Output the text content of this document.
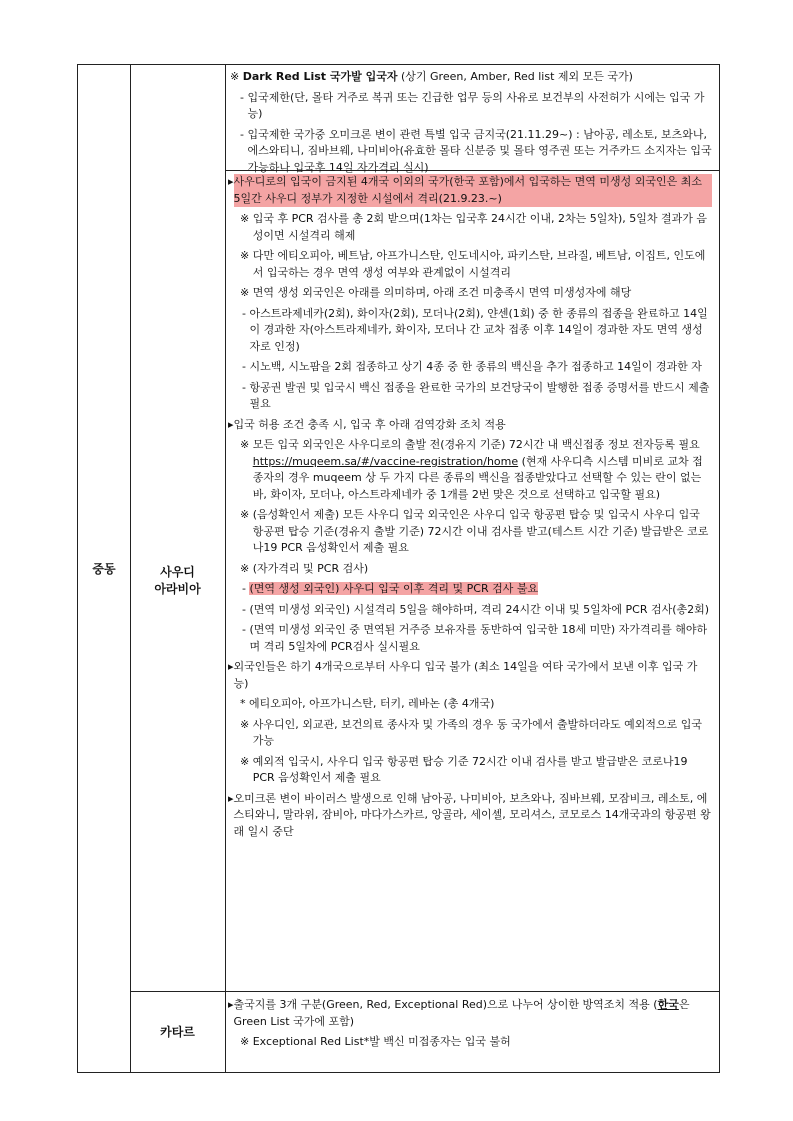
중동	사우디 아라비아
카타르
※ Dark Red List 국가발 입국자 (상기 Green, Amber, Red list 제외 모든 국가)
- 입국제한(단, 몰타 거주로 복귀 또는 긴급한 업무 등의 사유로 보건부의 사전허가 시에는 입국 가능)
- 입국제한 국가중 오미크론 변이 관련 특별 입국 금지국(21.11.29~) : 남아공, 레소토, 보츠와나, 에스와티니, 짐바브웨, 나미비아(유효한 몰타 신분증 및 몰타 영주권 또는 거주카드 소지자는 입국가능하나 입국후 14일 자가격리 실시)
▸ 사우디로의 입국이 금지된 4개국 이외의 국가(한국 포함)에서 입국하는 면역 미생성 외국인은 최소 5일간 사우디 정부가 지정한 시설에서 격리(21.9.23.~)
※ 입국 후 PCR 검사를 총 2회 받으며(1차는 입국후 24시간 이내, 2차는 5일차), 5일차 결과가 음성이면 시설격리 해제
※ 다만 에티오피아, 베트남, 아프가니스탄, 인도네시아, 파키스탄, 브라질, 베트남, 이집트, 인도에서 입국하는 경우 면역 생성 여부와 관계없이 시설격리
※ 면역 생성 외국인은 아래를 의미하며, 아래 조건 미충족시 면역 미생성자에 해당
- 아스트라제네카(2회), 화이자(2회), 모더나(2회), 얀센(1회) 중 한 종류의 접종을 완료하고 14일이 경과한 자(아스트라제네카, 화이자, 모더나 간 교차 접종 이후 14일이 경과한 자도 면역 생성자로 인정)
- 시노백, 시노팜을 2회 접종하고 상기 4종 중 한 종류의 백신을 추가 접종하고 14일이 경과한 자
- 항공권 발권 및 입국시 백신 접종을 완료한 국가의 보건당국이 발행한 접종 증명서를 반드시 제출 필요
▸ 입국 허용 조건 충족 시, 입국 후 아래 검역강화 조치 적용
※ 모든 입국 외국인은 사우디로의 출발 전(경유지 기준) 72시간 내 백신접종 정보 전자등록 필요 https://muqeem.sa/#/vaccine-registration/home (현재 사우디측 시스템 미비로 교차 접종자의 경우 muqeem 상 두 가지 다른 종류의 백신을 접종받았다고 선택할 수 있는 란이 없는 바, 화이자, 모더나, 아스트라제네카 중 1개를 2번 맞은 것으로 선택하고 입국할 필요)
※ (음성확인서 제출) 모든 사우디 입국 외국인은 사우디 입국 항공편 탑승 및 입국시 사우디 입국 항공편 탑승 기준(경유지 출발 기준) 72시간 이내 검사를 받고(테스트 시간 기준) 발급받은 코로나19 PCR 음성확인서 제출 필요
※ (자가격리 및 PCR 검사)
- (면역 생성 외국인) 사우디 입국 이후 격리 및 PCR 검사 불요
- (면역 미생성 외국인) 시설격리 5일을 해야하며, 격리 24시간 이내 및 5일차에 PCR 검사(총2회)
- (면역 미생성 외국인 중 면역된 거주증 보유자를 동반하여 입국한 18세 미만) 자가격리를 해야하며 격리 5일차에 PCR검사 실시필요
▸ 외국인들은 하기 4개국으로부터 사우디 입국 불가 (최소 14일을 여타 국가에서 보낸 이후 입국 가능)
* 에티오피아, 아프가니스탄, 터키, 레바논 (총 4개국)
※ 사우디인, 외교관, 보건의료 종사자 및 가족의 경우 동 국가에서 출발하더라도 예외적으로 입국 가능
※ 예외적 입국시, 사우디 입국 항공편 탑승 기준 72시간 이내 검사를 받고 발급받은 코로나19 PCR 음성확인서 제출 필요
▸ 오미크론 변이 바이러스 발생으로 인해 남아공, 나미비아, 보츠와나, 짐바브웨, 모잠비크, 레소토, 에스티와니, 말라위, 잠비아, 마다가스카르, 앙골라, 세이셸, 모리셔스, 코모로스 14개국과의 항공편 왕래 일시 중단
▸ 출국지를 3개 구분(Green, Red, Exceptional Red)으로 나누어 상이한 방역조치 적용 (한국은 Green List 국가에 포함)
※ Exceptional Red List*발 백신 미접종자는 입국 불허
